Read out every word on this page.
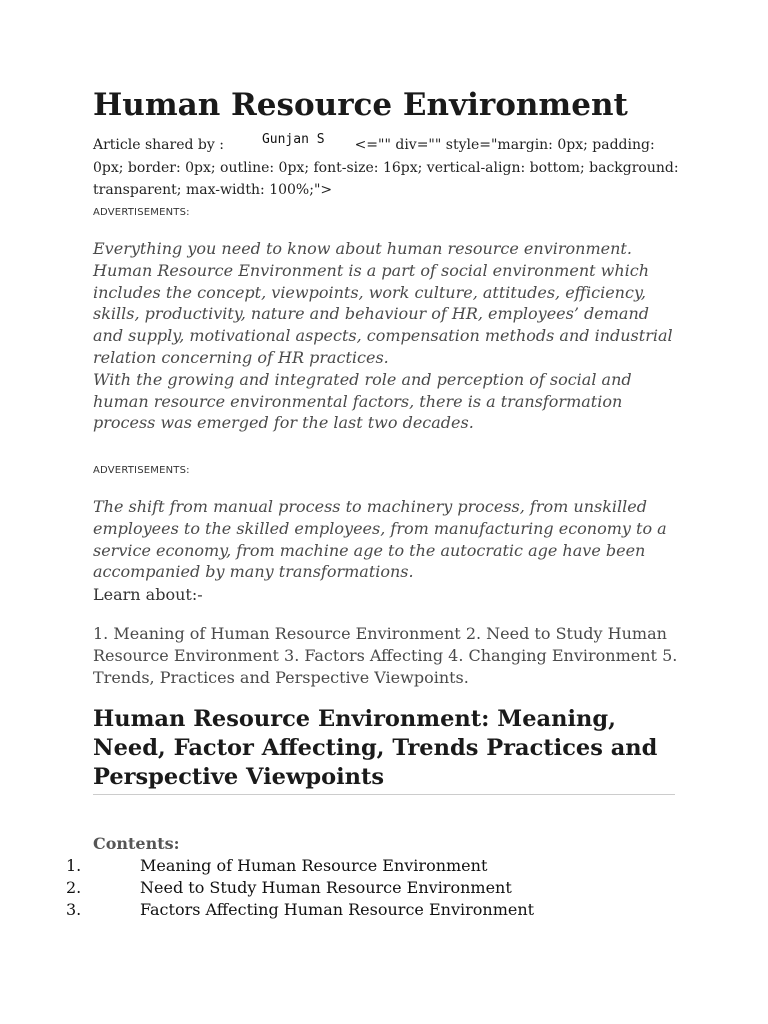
Human Resource Environment
Article shared by :	Gunjan S <="" div="" style="margin: 0px; padding: 0px; border: 0px; outline: 0px; font-size: 16px; vertical-align: bottom; background: transparent; max-width: 100%;">
ADVERTISEMENTS:

Everything you need to know about human resource environment. Human Resource Environment is a part of social environment which includes the concept, viewpoints, work culture, attitudes, efficiency, skills, productivity, nature and behaviour of HR, employees’ demand and supply, motivational aspects, compensation methods and industrial relation concerning of HR practices.
With the growing and integrated role and perception of social and human resource environmental factors, there is a transformation process was emerged for the last two decades.

ADVERTISEMENTS:

The shift from manual process to machinery process, from unskilled employees to the skilled employees, from manufacturing economy to a service economy, from machine age to the autocratic age have been accompanied by many transformations.

Learn about:-

1. Meaning of Human Resource Environment 2. Need to Study Human Resource Environment 3. Factors Affecting 4. Changing Environment 5. Trends, Practices and Perspective Viewpoints.

Human Resource Environment: Meaning, Need, Factor Affecting, Trends Practices and Perspective Viewpoints
Contents:
1.	Meaning of Human Resource Environment
2.	Need to Study Human Resource Environment
3.	Factors Affecting Human Resource Environment
